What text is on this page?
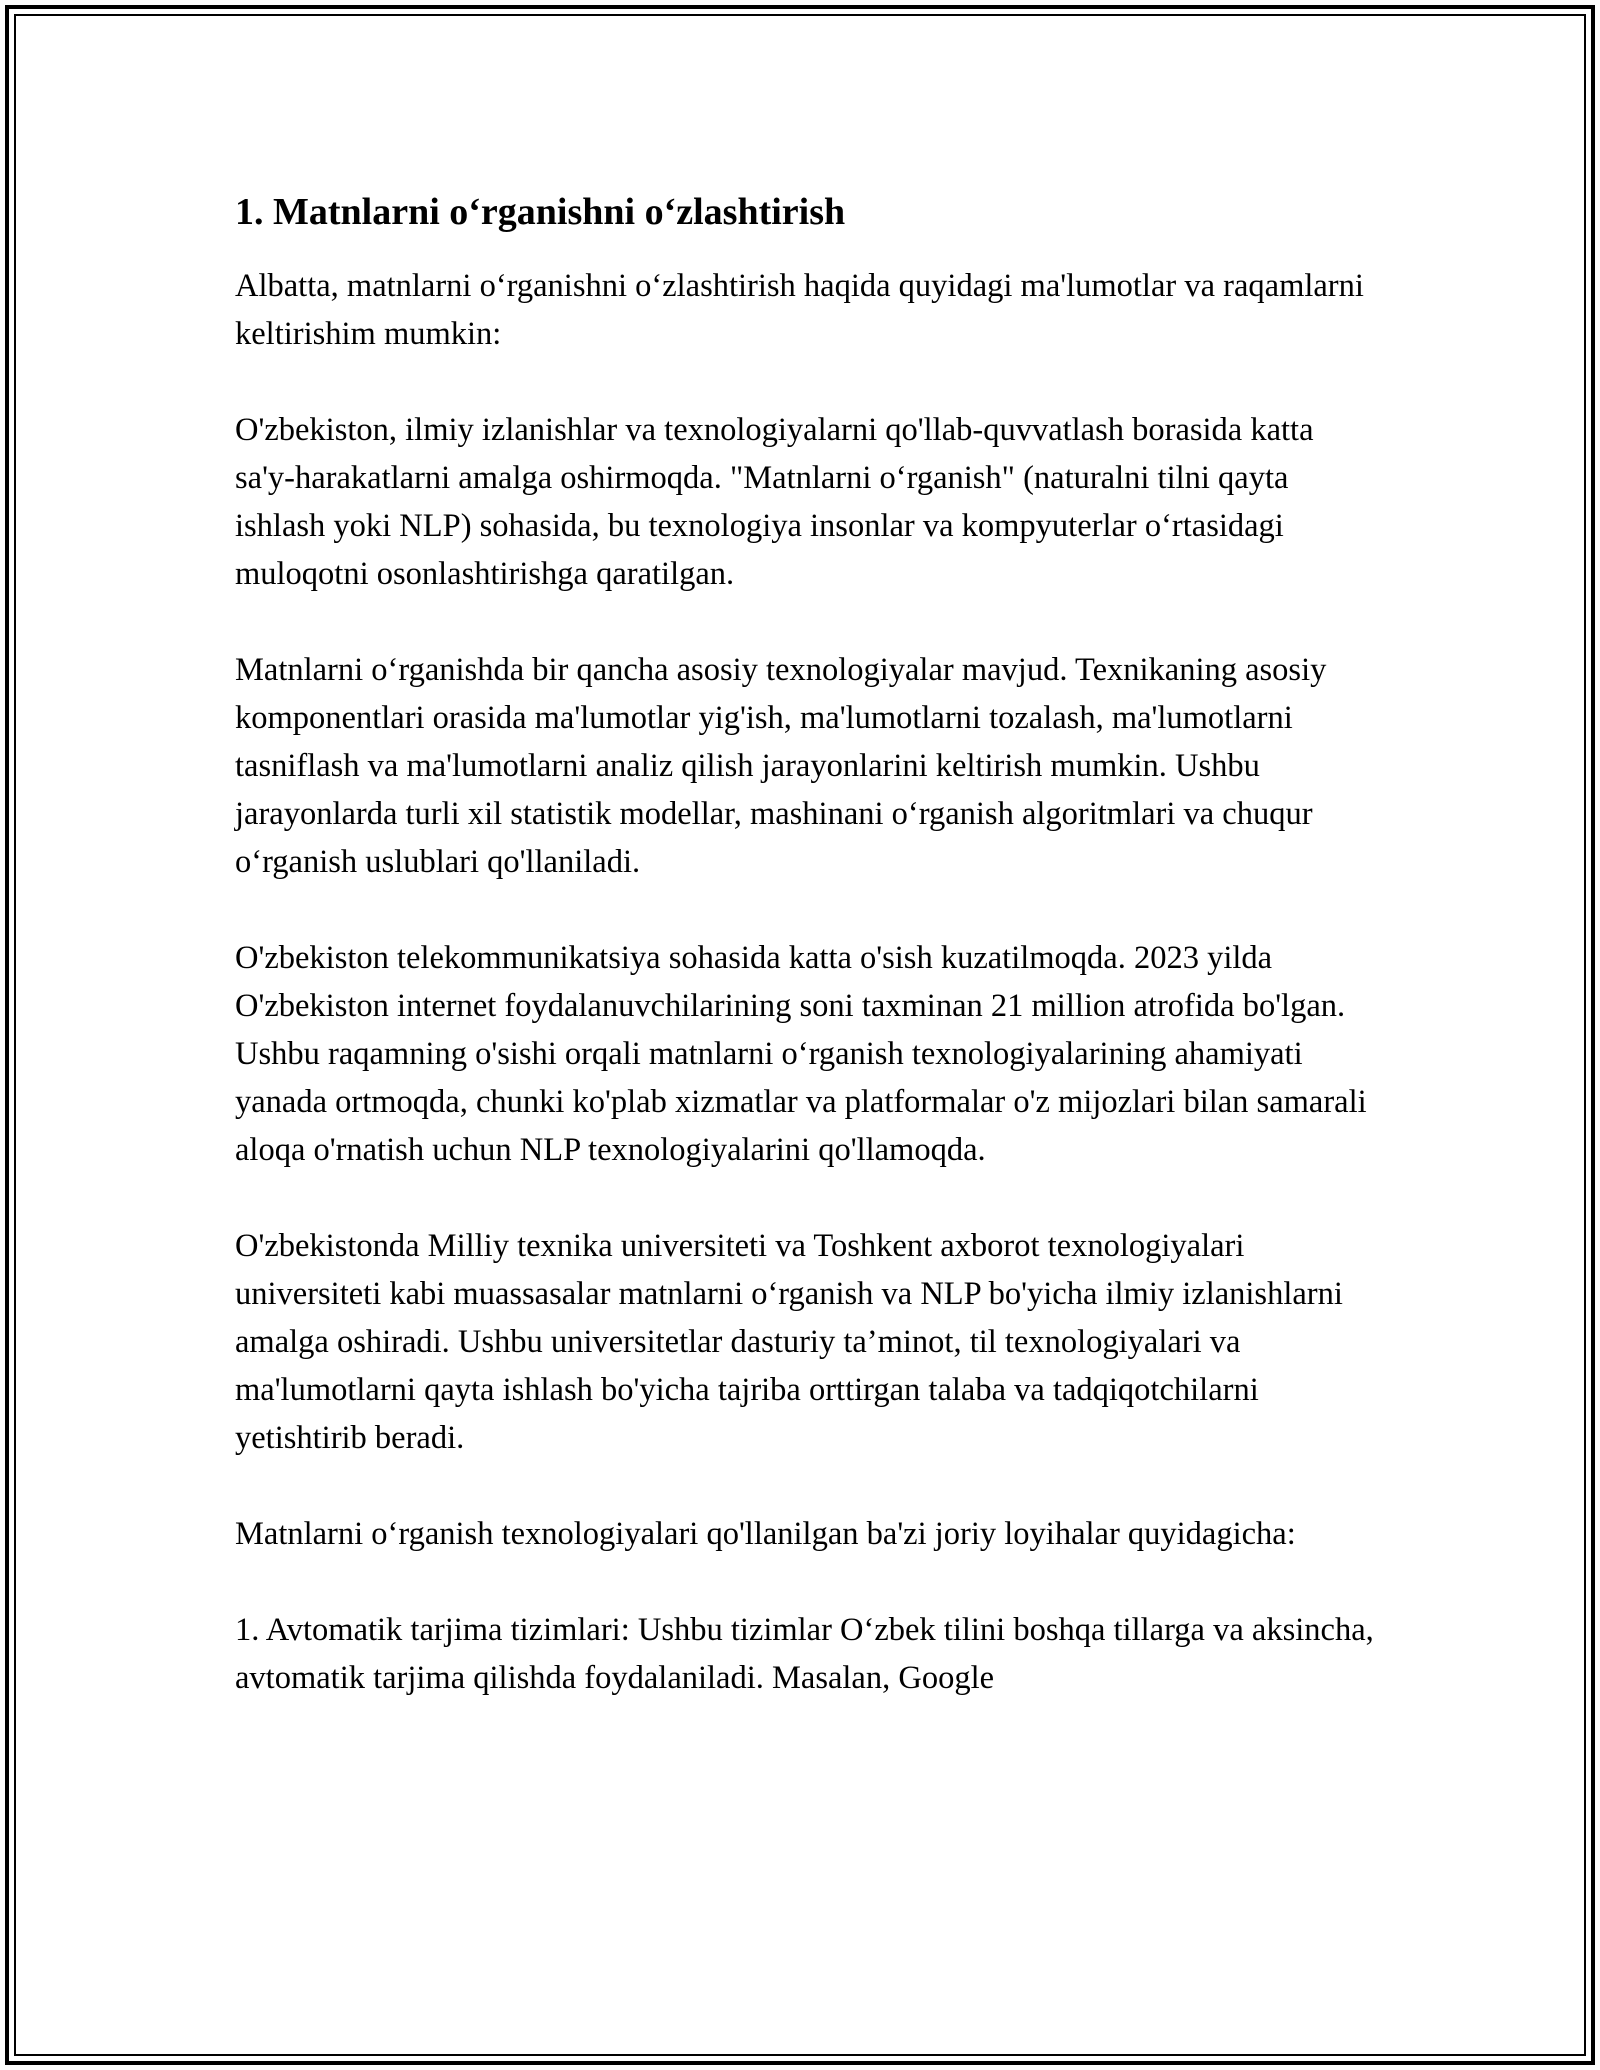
1. Matnlarni o‘rganishni o‘zlashtirish

Albatta, matnlarni o‘rganishni o‘zlashtirish haqida quyidagi ma'lumotlar va raqamlarni keltirishim mumkin:

O'zbekiston, ilmiy izlanishlar va texnologiyalarni qo'llab-quvvatlash borasida katta sa'y-harakatlarni amalga oshirmoqda. "Matnlarni o‘rganish" (naturalni tilni qayta ishlash yoki NLP) sohasida, bu texnologiya insonlar va kompyuterlar o‘rtasidagi muloqotni osonlashtirishga qaratilgan.

Matnlarni o‘rganishda bir qancha asosiy texnologiyalar mavjud. Texnikaning asosiy komponentlari orasida ma'lumotlar yig'ish, ma'lumotlarni tozalash, ma'lumotlarni tasniflash va ma'lumotlarni analiz qilish jarayonlarini keltirish mumkin. Ushbu jarayonlarda turli xil statistik modellar, mashinani o‘rganish algoritmlari va chuqur o‘rganish uslublari qo'llaniladi.

O'zbekiston telekommunikatsiya sohasida katta o'sish kuzatilmoqda. 2023 yilda O'zbekiston internet foydalanuvchilarining soni taxminan 21 million atrofida bo'lgan. Ushbu raqamning o'sishi orqali matnlarni o‘rganish texnologiyalarining ahamiyati yanada ortmoqda, chunki ko'plab xizmatlar va platformalar o'z mijozlari bilan samarali aloqa o'rnatish uchun NLP texnologiyalarini qo'llamoqda.

O'zbekistonda Milliy texnika universiteti va Toshkent axborot texnologiyalari universiteti kabi muassasalar matnlarni o‘rganish va NLP bo'yicha ilmiy izlanishlarni amalga oshiradi. Ushbu universitetlar dasturiy ta’minot, til texnologiyalari va ma'lumotlarni qayta ishlash bo'yicha tajriba orttirgan talaba va tadqiqotchilarni yetishtirib beradi.

Matnlarni o‘rganish texnologiyalari qo'llanilgan ba'zi joriy loyihalar quyidagicha:

1. Avtomatik tarjima tizimlari: Ushbu tizimlar O‘zbek tilini boshqa tillarga va aksincha, avtomatik tarjima qilishda foydalaniladi. Masalan, Google
